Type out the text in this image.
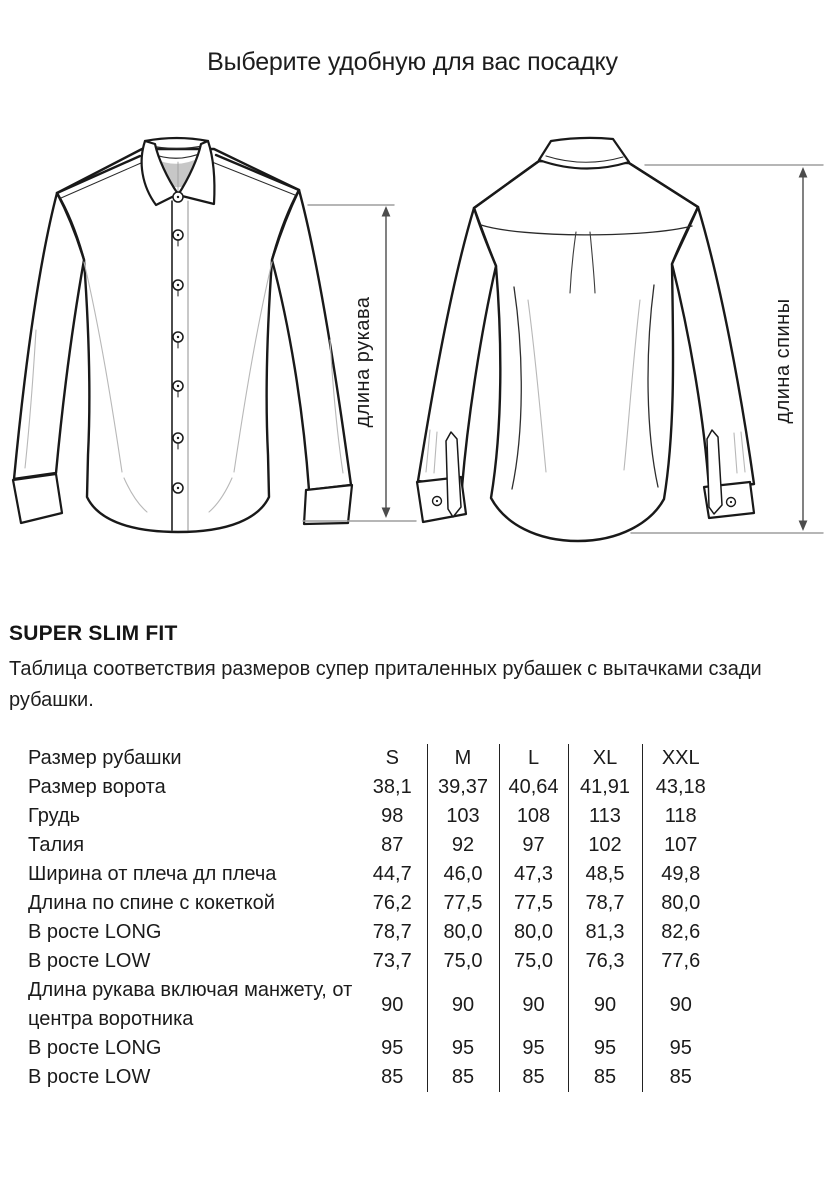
Выберите удобную для вас посадку
длина рукава	длина спины
SUPER SLIM FIT
Таблица соответствия размеров супер приталенных рубашек с вытачками сзади рубашки.
Размер рубашки	S	M	L	XL	XXL
Размер ворота	38,1	39,37	40,64	41,91	43,18
Грудь	98	103	108	113	118
Талия	87	92	97	102	107
Ширина от плеча дл плеча	44,7	46,0	47,3	48,5	49,8
Длина по спине с кокеткой	76,2	77,5	77,5	78,7	80,0
В росте LONG	78,7	80,0	80,0	81,3	82,6
В росте LOW	73,7	75,0	75,0	76,3	77,6
Длина рукава включая манжету, от центра воротника	90	90	90	90	90
В росте LONG	95	95	95	95	95
В росте LOW	85	85	85	85	85
